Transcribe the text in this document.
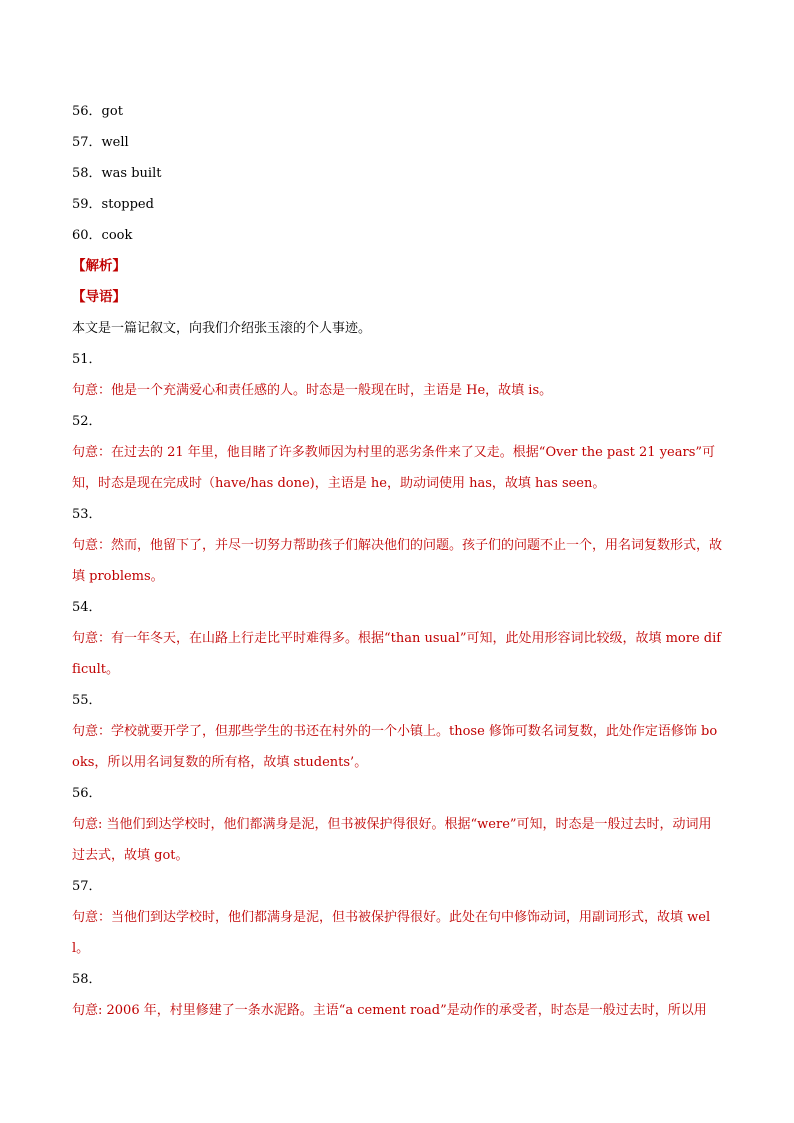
56．got
57．well
58．was built
59．stopped
60．cook
【解析】
【导语】
本文是一篇记叙文，向我们介绍张玉滚的个人事迹。
51．
句意：他是一个充满爱心和责任感的人。时态是一般现在时，主语是 He，故填 is。
52．
句意：在过去的 21 年里，他目睹了许多教师因为村里的恶劣条件来了又走。根据“Over the past 21 years”可知，时态是现在完成时（have/has done)，主语是 he，助动词使用 has，故填 has seen。
53．
句意：然而，他留下了，并尽一切努力帮助孩子们解决他们的问题。孩子们的问题不止一个，用名词复数形式，故填 problems。
54．
句意：有一年冬天，在山路上行走比平时难得多。根据“than usual”可知，此处用形容词比较级，故填 more difficult。
55．
句意：学校就要开学了，但那些学生的书还在村外的一个小镇上。those 修饰可数名词复数，此处作定语修饰 books，所以用名词复数的所有格，故填 students’。
56．
句意: 当他们到达学校时，他们都满身是泥，但书被保护得很好。根据“were”可知，时态是一般过去时，动词用过去式，故填 got。
57．
句意：当他们到达学校时，他们都满身是泥，但书被保护得很好。此处在句中修饰动词，用副词形式，故填 well。
58．
句意: 2006 年，村里修建了一条水泥路。主语“a cement road”是动作的承受者，时态是一般过去时，所以用
